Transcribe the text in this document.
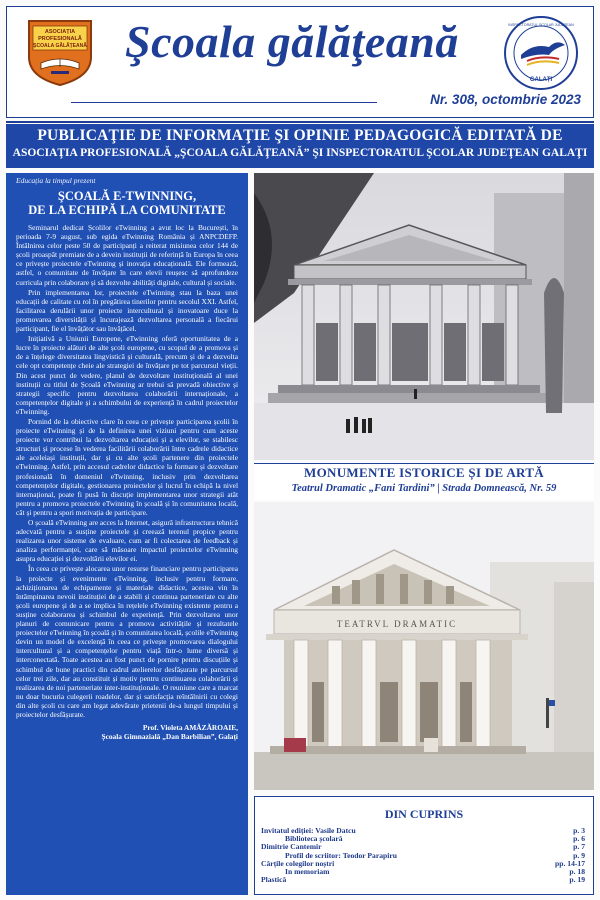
ASOCIAȚIA
PROFESIONALĂ
ȘCOALA GĂLĂȚEANĂ Şcoala gălăţeană
GALAȚI
INSPECTORATUL ȘCOLAR JUDEȚEAN
Nr. 308, octombrie 2023
PUBLICAŢIE DE INFORMAŢIE ŞI OPINIE PEDAGOGICĂ EDITATĂ DE
ASOCIAŢIA PROFESIONALĂ „ŞCOALA GĂLĂŢEANĂ” ŞI INSPECTORATUL ŞCOLAR JUDEŢEAN GALAŢI
Educația la timpul prezent
ŞCOALĂ E-TWINNING,
DE LA ECHIPĂ LA COMUNITATE

Seminarul dedicat Școlilor eTwinning a avut loc la București, în perioada 7-9 august, sub egida eTwinning România și ANPCDEFP. Întâlnirea celor peste 50 de participanți a reiterat misiunea celor 144 de școli proaspăt premiate de a devein instituții de referință în Europa în ceea ce privește proiectele eTwinning și inovația educațională. Ele formează, astfel, o comunitate de învățare în care elevii reușesc să aprofundeze curricula prin colaborare și să dezvolte abilități digitale, cultural și sociale.

Prin implementarea lor, proiectele eTwinning stau la baza unei educații de calitate cu rol în pregătirea tinerilor pentru secolul XXI. Astfel, facilitarea derulării unor proiecte intercultural și inovatoare duce la promovarea diversității și încurajează dezvoltarea personală a fiecărui participant, fie el învățător sau învățăcel.

Inițiativă a Uniunii Europene, eTwinning oferă oportunitatea de a lucre în proiecte alături de alte școli europene, cu scopul de a promova și de a înțelege diversitatea lingvistică și culturală, precum și de a dezvolta cele opt competențe cheie ale strategiei de învățare pe tot parcursul vieții. Din acest punct de vedere, planul de dezvoltare instituțională al unei instituții cu titlul de Școală eTwinning ar trebui să prevadă obiective și strategii specific pentru dezvoltarea colaborării internaționale, a competențelor digitale și a schimbului de experiență în cadrul proiectelor eTwinning.

Pornind de la obiective clare în ceea ce privește participarea școlii în proiecte eTwinning și de la definirea unei viziuni pentru cum aceste proiecte vor contribui la dezvoltarea educației și a elevilor, se stabilesc structuri și procese în vederea facilitării colaborării între cadrele didactice ale aceleiași instituții, dar și cu alte școli partenere din proiectele eTwinning. Astfel, prin accesul cadrelor didactice la formare și dezvoltare profesională în domeniul eTwinning, inclusiv prin dezvoltarea competențelor digitale, gestionarea proiectelor și lucrul în echipă la nivel internațional, poate fi pusă în discuție implementarea unor strategii atât pentru a promova proiectele eTwinning în școală și în comunitatea locală, cât și pentru a spori motivația de participare.

O școală eTwinning are acces la Internet, asigură infrastructura tehnică adecvată pentru a susține proiectele și creează terenul propice pentru realizarea unor sisteme de evaluare, cum ar fi colectarea de feedback și analiza performanței, care să măsoare impactul proiectelor eTwinning asupra educației și dezvoltării elevilor ei.

În ceea ce privește alocarea unor resurse financiare pentru participarea la proiecte și evenimente eTwinning, inclusiv pentru formare, achiziționarea de echipamente și materiale didactice, acestea vin în întâmpinarea nevoii instituției de a stabili și continua parteneriate cu alte școli europene și de a se implica în rețelele eTwinning existente pentru a susține colaborarea și schimbul de experiență. Prin dezvoltarea unor planuri de comunicare pentru a promova activitățile și rezultatele proiectelor eTwinning în școală și în comunitatea locală, școlile eTwinning devin un model de excelență în ceea ce privește promovarea dialogului intercultural și a competențelor pentru viață într-o lume diversă și interconectată. Toate acestea au fost punct de pornire pentru discuțiile și schimbul de bune practici din cadrul atelierelor desfășurate pe parcursul celor trei zile, dar au constituit și motiv pentru continuarea colaborării și realizarea de noi parteneriate inter-instituționale. O reuniune care a marcat nu doar bucuria culegerii roadelor, dar și satisfacția reîntâlnirii cu colegi din alte școli cu care am legat adevărate prietenii de-a lungul timpului și proiectelor desfășurate.

Prof. Violeta AMĂZĂROAIE,
Școala Gimnazială „Dan Barbilian”, Galați
MONUMENTE ISTORICE ȘI DE ARTĂ
Teatrul Dramatic „Fani Tardini” | Strada Domnească, Nr. 59
TEATRVL DRAMATIC
DIN CUPRINS
Invitatul ediției: Vasile Datcu	p. 3
Biblioteca școlară	p. 6
Dimitrie Cantemir	p. 7
Profil de scriitor: Teodor Parapiru	p. 9
Cărțile colegilor noștri	pp. 14-17
In memoriam	p. 18
Plastică	p. 19
